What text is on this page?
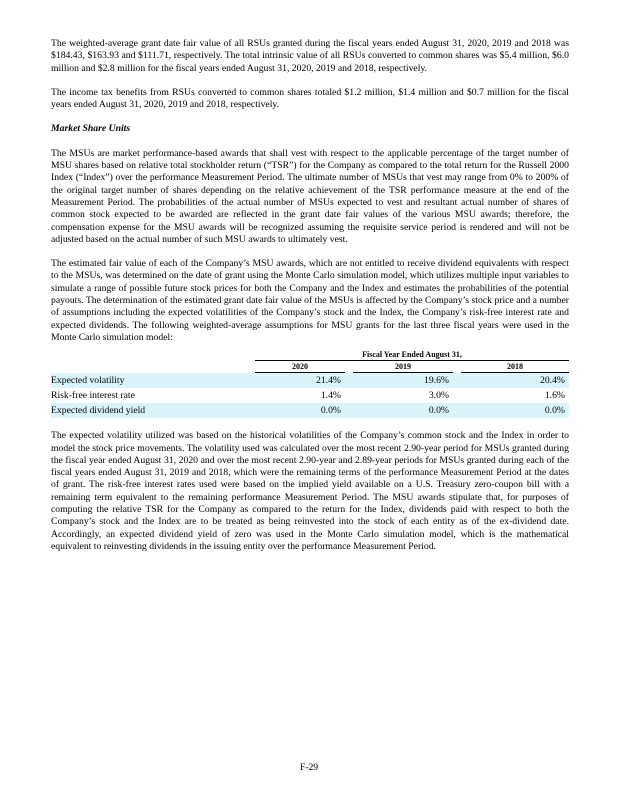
The weighted-average grant date fair value of all RSUs granted during the fiscal years ended August 31, 2020, 2019 and 2018 was $184.43, $163.93 and $111.71, respectively. The total intrinsic value of all RSUs converted to common shares was $5.4 million, $6.0 million and $2.8 million for the fiscal years ended August 31, 2020, 2019 and 2018, respectively.

The income tax benefits from RSUs converted to common shares totaled $1.2 million, $1.4 million and $0.7 million for the fiscal years ended August 31, 2020, 2019 and 2018, respectively.

Market Share Units

The MSUs are market performance-based awards that shall vest with respect to the applicable percentage of the target number of MSU shares based on relative total stockholder return (“TSR”) for the Company as compared to the total return for the Russell 2000 Index (“Index”) over the performance Measurement Period. The ultimate number of MSUs that vest may range from 0% to 200% of the original target number of shares depending on the relative achievement of the TSR performance measure at the end of the Measurement Period. The probabilities of the actual number of MSUs expected to vest and resultant actual number of shares of common stock expected to be awarded are reflected in the grant date fair values of the various MSU awards; therefore, the compensation expense for the MSU awards will be recognized assuming the requisite service period is rendered and will not be adjusted based on the actual number of such MSU awards to ultimately vest.

The estimated fair value of each of the Company’s MSU awards, which are not entitled to receive dividend equivalents with respect to the MSUs, was determined on the date of grant using the Monte Carlo simulation model, which utilizes multiple input variables to simulate a range of possible future stock prices for both the Company and the Index and estimates the probabilities of the potential payouts. The determination of the estimated grant date fair value of the MSUs is affected by the Company’s stock price and a number of assumptions including the expected volatilities of the Company’s stock and the Index, the Company’s risk-free interest rate and expected dividends. The following weighted-average assumptions for MSU grants for the last three fiscal years were used in the Monte Carlo simulation model:

	Fiscal Year Ended August 31,				
	2020		2019		2018
Expected volatility	21.4%		19.6%		20.4%
Risk-free interest rate	1.4%		3.0%		1.6%
Expected dividend yield	0.0%		0.0%		0.0%

The expected volatility utilized was based on the historical volatilities of the Company’s common stock and the Index in order to model the stock price movements. The volatility used was calculated over the most recent 2.90-year period for MSUs granted during the fiscal year ended August 31, 2020 and over the most recent 2.90-year and 2.89-year periods for MSUs granted during each of the fiscal years ended August 31, 2019 and 2018, which were the remaining terms of the performance Measurement Period at the dates of grant. The risk-free interest rates used were based on the implied yield available on a U.S. Treasury zero-coupon bill with a remaining term equivalent to the remaining performance Measurement Period. The MSU awards stipulate that, for purposes of computing the relative TSR for the Company as compared to the return for the Index, dividends paid with respect to both the Company’s stock and the Index are to be treated as being reinvested into the stock of each entity as of the ex-dividend date. Accordingly, an expected dividend yield of zero was used in the Monte Carlo simulation model, which is the mathematical equivalent to reinvesting dividends in the issuing entity over the performance Measurement Period.

F-29
